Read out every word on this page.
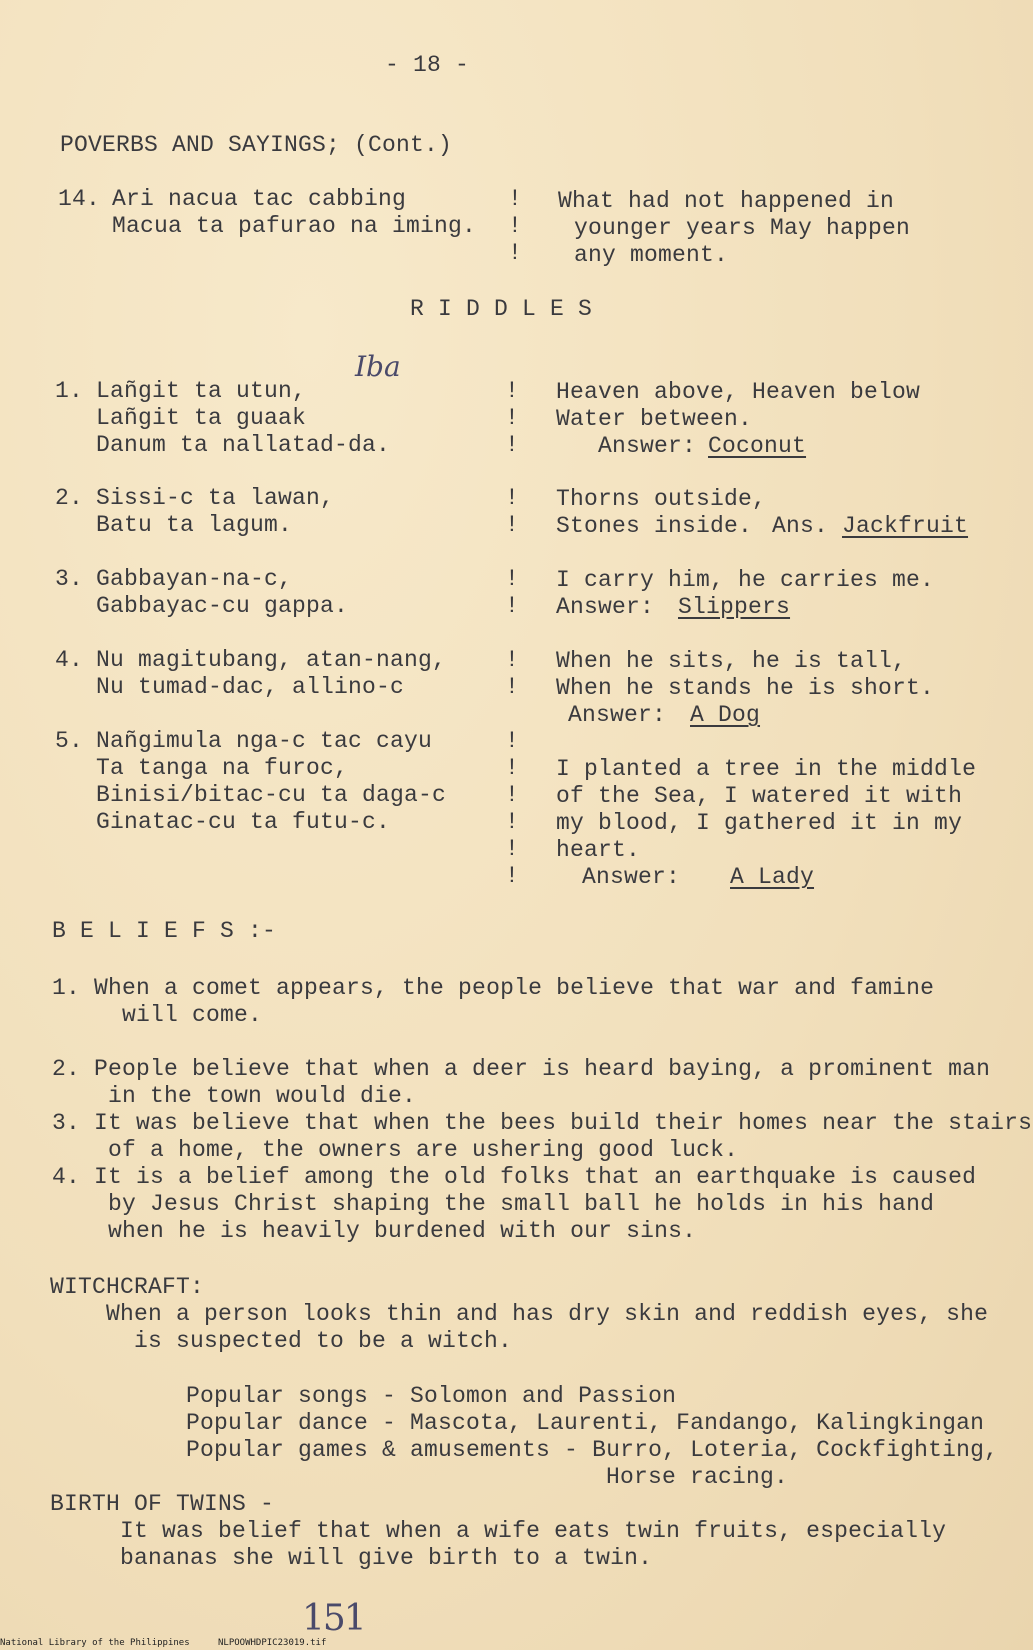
- 18 -
POVERBS AND SAYINGS; (Cont.)
14. Ari nacua tac cabbing
Macua ta pafurao na iming.
!
!
!
What had not happened in
younger years May happen
any moment.
R I D D L E S
Iba
1. Lañgit ta utun,
Lañgit ta guaak
Danum ta nallatad-da.
!
!
!
Heaven above, Heaven below
Water between.
Answer: Coconut
2. Sissi-c ta lawan,
Batu ta lagum.
!
!
Thorns outside,
Stones inside. Ans. Jackfruit
3. Gabbayan-na-c,
Gabbayac-cu gappa.
!
!
I carry him, he carries me.
Answer: Slippers
4. Nu magitubang, atan-nang,
Nu tumad-dac, allino-c
!
!
When he sits, he is tall,
When he stands he is short.
Answer: A Dog
5. Nañgimula nga-c tac cayu
Ta tanga na furoc,
Binisi/bitac-cu ta daga-c
Ginatac-cu ta futu-c.
!
!
!
!
!
!
I planted a tree in the middle
of the Sea, I watered it with
my blood, I gathered it in my
heart.
Answer: A Lady
B E L I E F S :-
1. When a comet appears, the people believe that war and famine
will come.
2. People believe that when a deer is heard baying, a prominent man
in the town would die.
3. It was believe that when the bees build their homes near the stairs
of a home, the owners are ushering good luck.
4. It is a belief among the old folks that an earthquake is caused
by Jesus Christ shaping the small ball he holds in his hand
when he is heavily burdened with our sins.
WITCHCRAFT:
When a person looks thin and has dry skin and reddish eyes, she
is suspected to be a witch.
Popular songs - Solomon and Passion
Popular dance - Mascota, Laurenti, Fandango, Kalingkingan
Popular games & amusements - Burro, Loteria, Cockfighting,
Horse racing.
BIRTH OF TWINS -
It was belief that when a wife eats twin fruits, especially
bananas she will give birth to a twin.
151
National Library of the Philippines	NLPOOWHDPIC23019.tif
